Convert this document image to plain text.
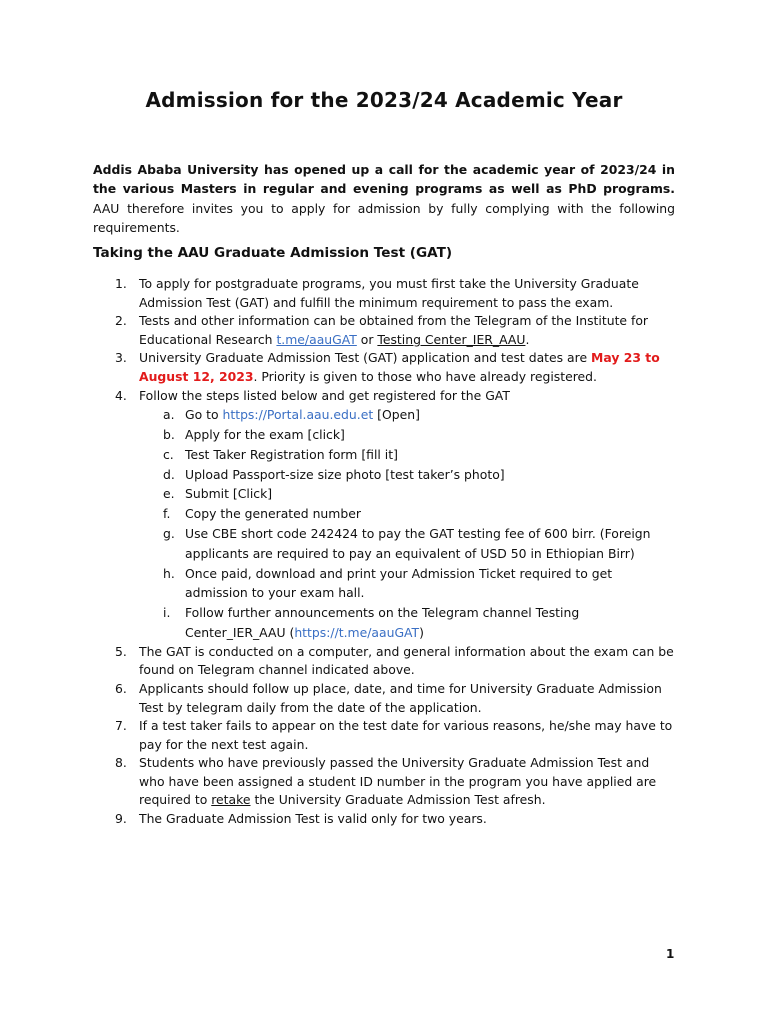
Admission for the 2023/24 Academic Year

Addis Ababa University has opened up a call for the academic year of 2023/24 in the various Masters in regular and evening programs as well as PhD programs. AAU therefore invites you to apply for admission by fully complying with the following requirements.

Taking the AAU Graduate Admission Test (GAT)
1. To apply for postgraduate programs, you must first take the University Graduate Admission Test (GAT) and fulfill the minimum requirement to pass the exam.
2. Tests and other information can be obtained from the Telegram of the Institute for Educational Research t.me/aauGAT or Testing Center_IER_AAU.
3. University Graduate Admission Test (GAT) application and test dates are May 23 to August 12, 2023. Priority is given to those who have already registered.
4. Follow the steps listed below and get registered for the GAT
a. Go to https://Portal.aau.edu.et [Open]
b. Apply for the exam [click]
c. Test Taker Registration form [fill it]
d. Upload Passport-size size photo [test taker’s photo]
e. Submit [Click]
f. Copy the generated number
g. Use CBE short code 242424 to pay the GAT testing fee of 600 birr. (Foreign applicants are required to pay an equivalent of USD 50 in Ethiopian Birr)
h. Once paid, download and print your Admission Ticket required to get admission to your exam hall.
i. Follow further announcements on the Telegram channel Testing Center_IER_AAU (https://t.me/aauGAT)
5. The GAT is conducted on a computer, and general information about the exam can be found on Telegram channel indicated above.
6. Applicants should follow up place, date, and time for University Graduate Admission Test by telegram daily from the date of the application.
7. If a test taker fails to appear on the test date for various reasons, he/she may have to pay for the next test again.
8. Students who have previously passed the University Graduate Admission Test and who have been assigned a student ID number in the program you have applied are required to retake the University Graduate Admission Test afresh.
9. The Graduate Admission Test is valid only for two years.
1
